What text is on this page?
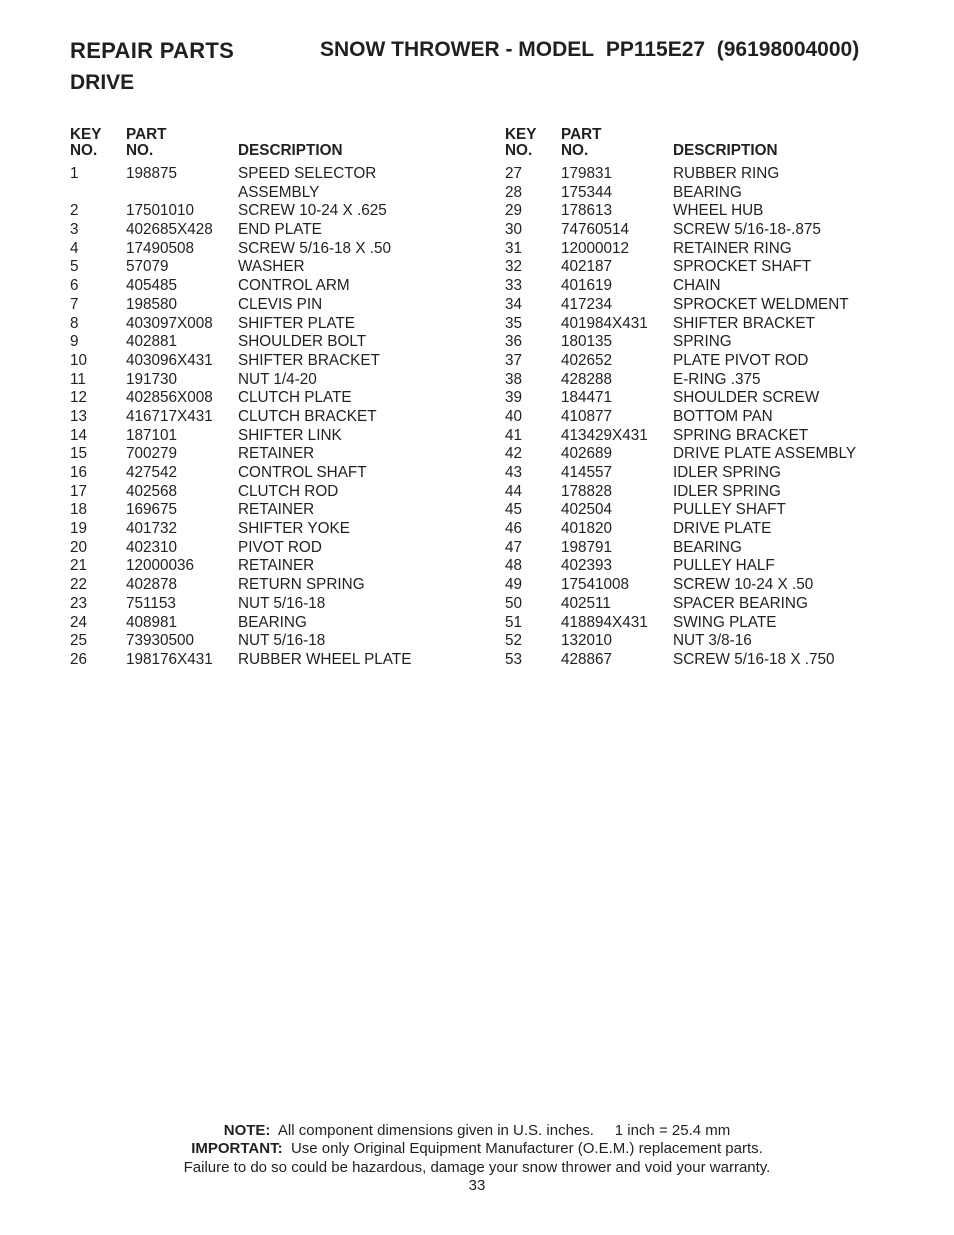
REPAIR PARTS	SNOW THROWER - MODEL PP115E27 (96198004000)
DRIVE
KEY
NO.
PART
NO.	DESCRIPTION
1	198875	SPEED SELECTOR
ASSEMBLY
2	17501010	SCREW 10-24 X .625
3	402685X428 END PLATE
4	17490508	SCREW 5/16-18 X .50
5	57079	WASHER
6	405485	CONTROL ARM
7	198580	CLEVIS PIN
8	403097X008 SHIFTER PLATE
9	402881	SHOULDER BOLT
10	403096X431 SHIFTER BRACKET
11	191730	NUT 1/4-20
12	402856X008 CLUTCH PLATE
13	416717X431 CLUTCH BRACKET
14	187101	SHIFTER LINK
15	700279	RETAINER
16	427542	CONTROL SHAFT
17	402568	CLUTCH ROD
18	169675	RETAINER
19	401732	SHIFTER YOKE
20	402310	PIVOT ROD
21	12000036	RETAINER
22	402878	RETURN SPRING
23	751153	NUT 5/16-18
24	408981	BEARING
25	73930500	NUT 5/16-18
26	198176X431 RUBBER WHEEL PLATE
KEY
NO.
PART
NO.	DESCRIPTION
27	179831	RUBBER RING
28	175344	BEARING
29	178613	WHEEL HUB
30	74760514	SCREW 5/16-18-.875
31	12000012	RETAINER RING
32	402187	SPROCKET SHAFT
33	401619	CHAIN
34	417234	SPROCKET WELDMENT
35	401984X431 SHIFTER BRACKET
36	180135	SPRING
37	402652	PLATE PIVOT ROD
38	428288	E-RING .375
39	184471	SHOULDER SCREW
40	410877	BOTTOM PAN
41	413429X431 SPRING BRACKET
42	402689	DRIVE PLATE ASSEMBLY
43	414557	IDLER SPRING
44	178828	IDLER SPRING
45	402504	PULLEY SHAFT
46	401820	DRIVE PLATE
47	198791	BEARING
48	402393	PULLEY HALF
49	17541008	SCREW 10-24 X .50
50	402511	SPACER BEARING
51	418894X431 SWING PLATE
52	132010	NUT 3/8-16
53	428867	SCREW 5/16-18 X .750
NOTE: All component dimensions given in U.S. inches. 1 inch = 25.4 mm
IMPORTANT: Use only Original Equipment Manufacturer (O.E.M.) replacement parts.
Failure to do so could be hazardous, damage your snow thrower and void your warranty.
33
